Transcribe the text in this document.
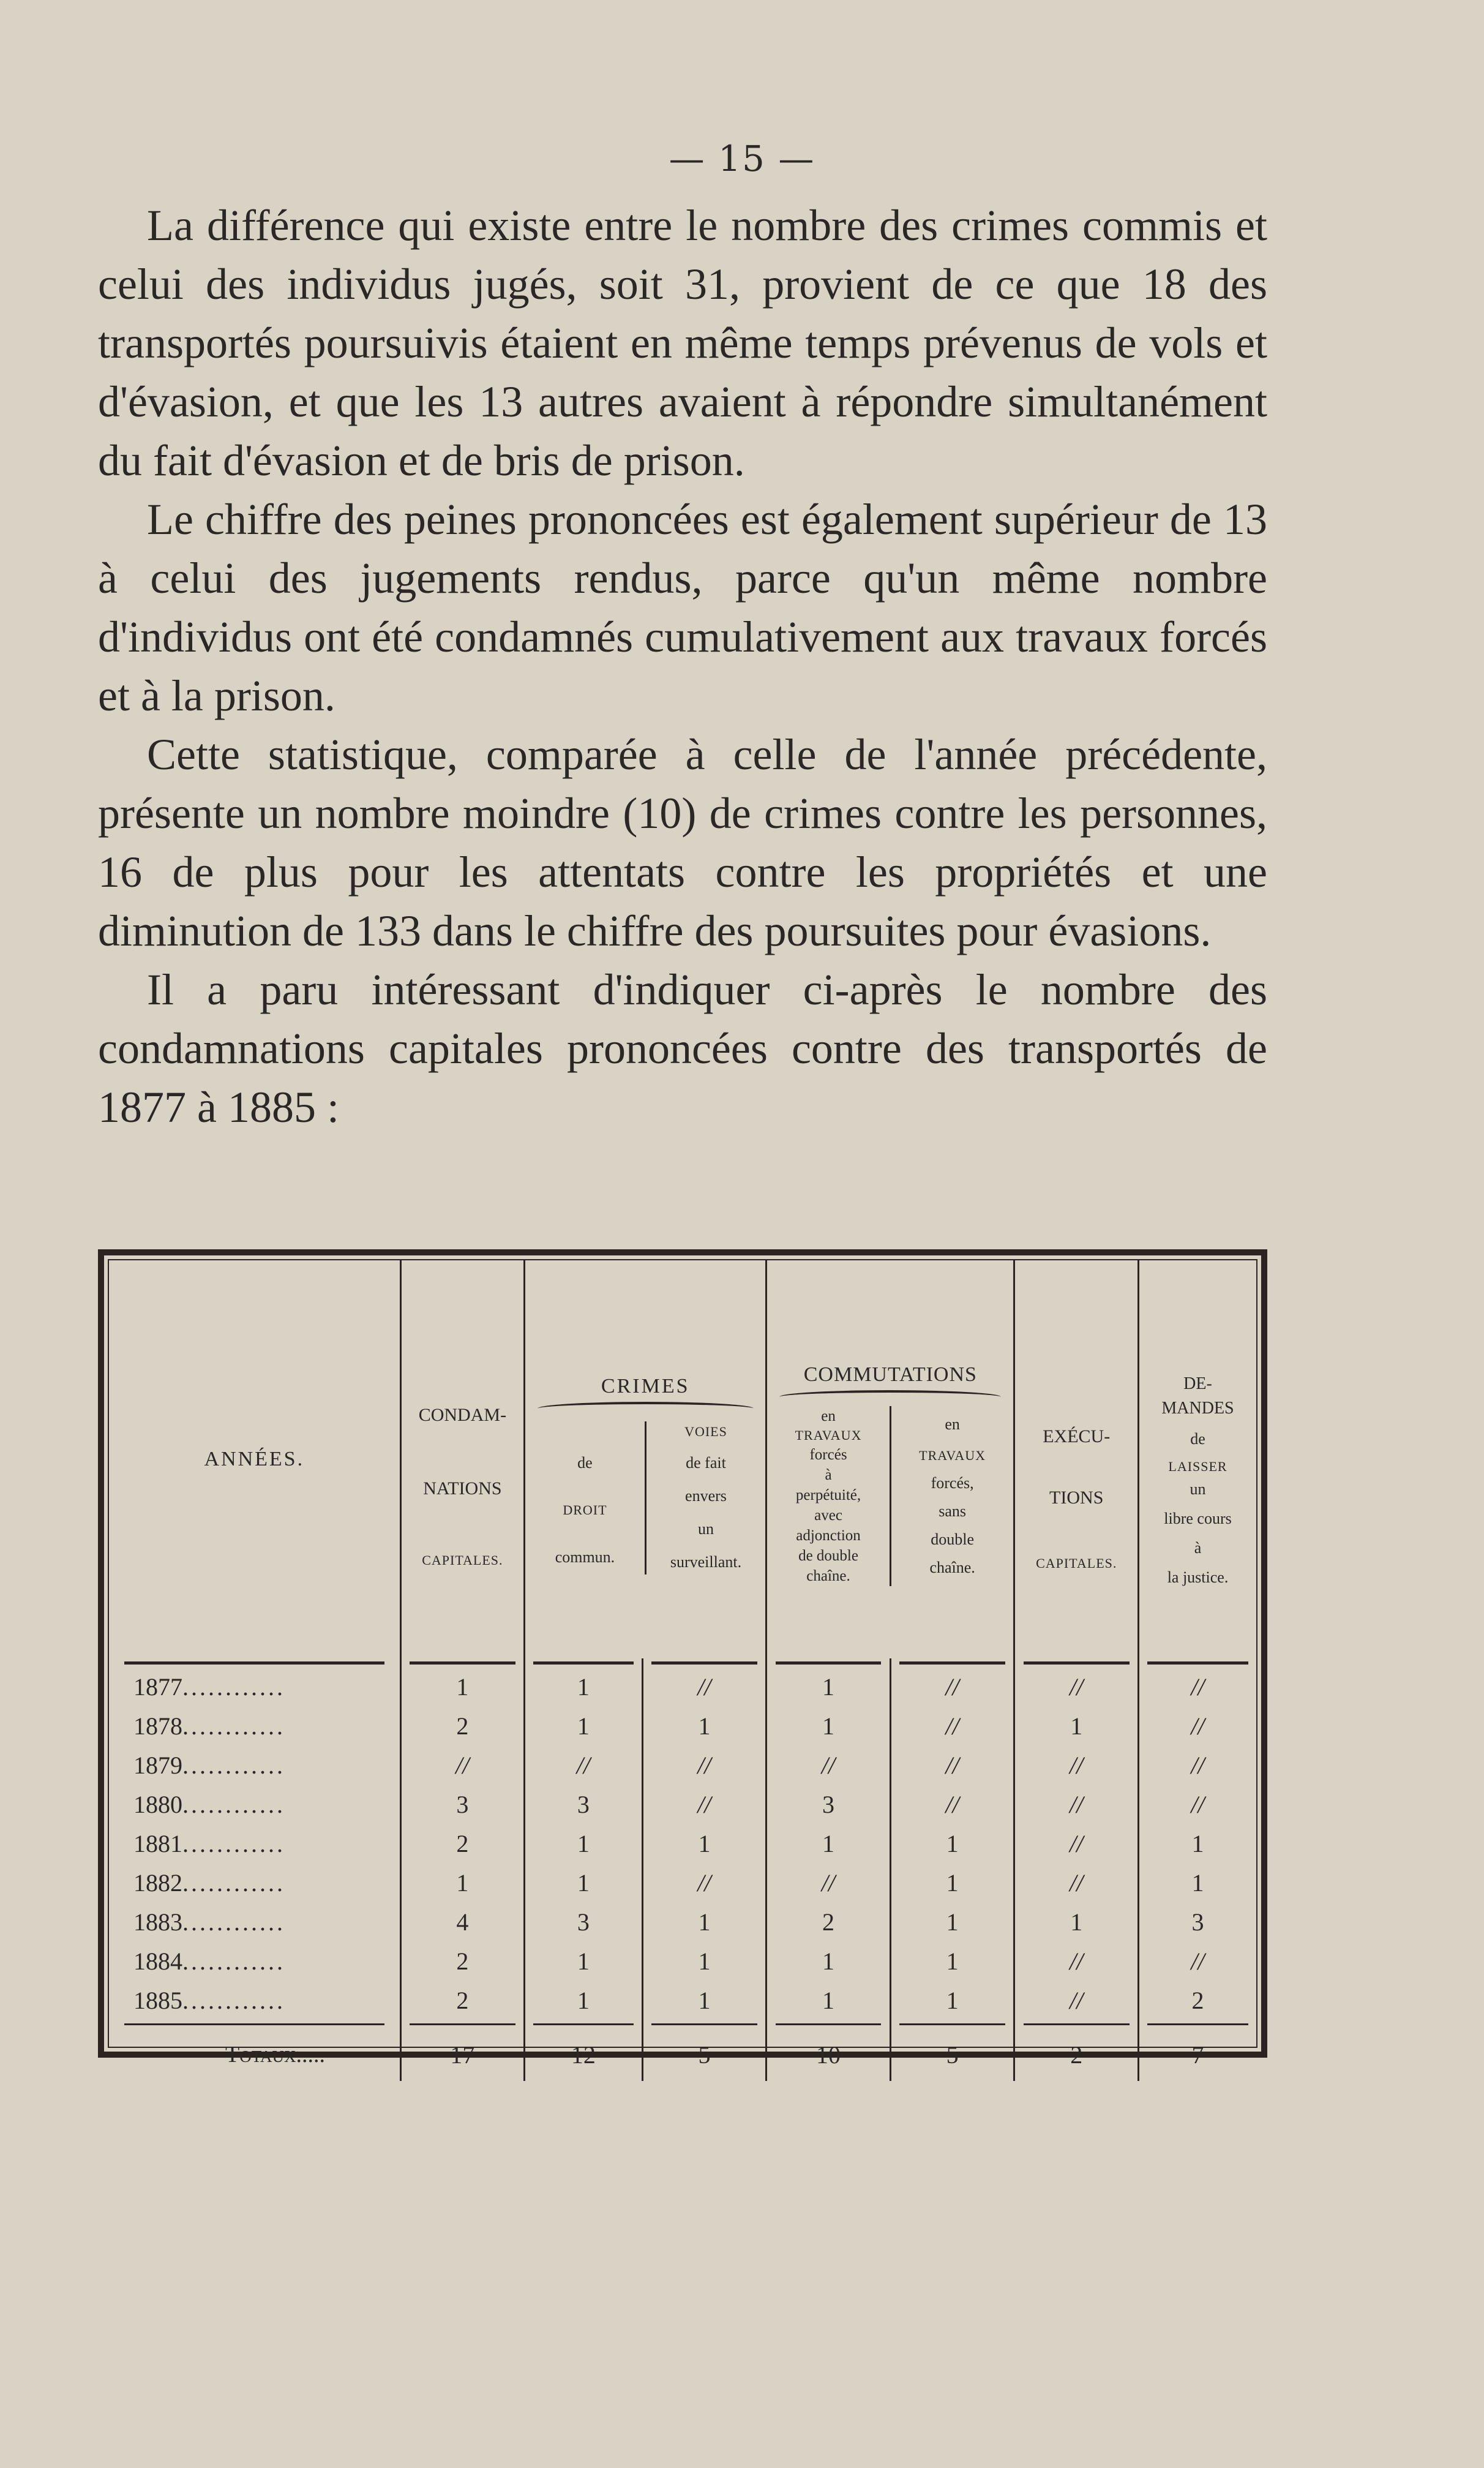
— 15 —

La différence qui existe entre le nombre des crimes commis et celui des individus jugés, soit 31, provient de ce que 18 des transportés poursuivis étaient en même temps prévenus de vols et d'évasion, et que les 13 autres avaient à répondre simultanément du fait d'évasion et de bris de prison.

Le chiffre des peines prononcées est également supérieur de 13 à celui des jugements rendus, parce qu'un même nombre d'individus ont été condamnés cumulativement aux travaux forcés et à la prison.

Cette statistique, comparée à celle de l'année précédente, présente un nombre moindre (10) de crimes contre les personnes, 16 de plus pour les attentats contre les propriétés et une diminution de 133 dans le chiffre des poursuites pour évasions.

Il a paru intéressant d'indiquer ci-après le nombre des condamnations capitales prononcées contre des transportés de 1877 à 1885 :

ANNÉES.	
CONDAM-
NATIONS
CAPITALES.

CRIMES
de
DROIT
commun.

VOIES
de fait
envers
un
surveillant.

COMMUTATIONS
en
TRAVAUX
forcés
à
perpétuité,
avec
adjonction
de double
chaîne.

en
TRAVAUX
forcés,
sans
double
chaîne.

EXÉCU-
TIONS
CAPITALES.

DE-
MANDES
de
LAISSER
un
libre cours
à
la justice.

1877............	1	1	//	1	//	//	//
1878............	2	1	1	1	//	1	//
1879............	//	//	//	//	//	//	//
1880............	3	3	//	3	//	//	//
1881............	2	1	1	1	1	//	1
1882............	1	1	//	//	1	//	1
1883............	4	3	1	2	1	1	3
1884............	2	1	1	1	1	//	//
1885............	2	1	1	1	1	//	2

Totaux.....	17	12	5	10	5	2	7
